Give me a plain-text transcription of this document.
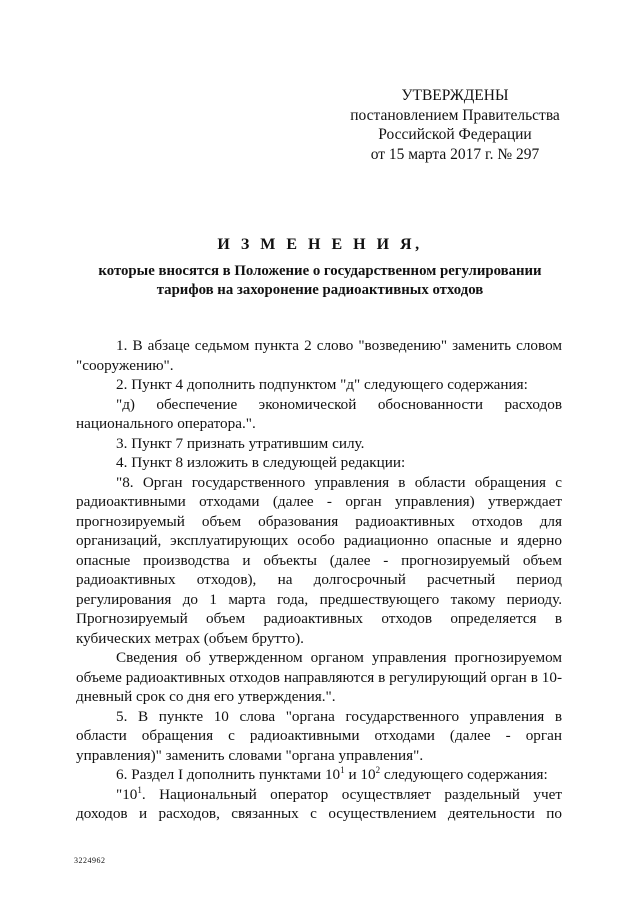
УТВЕРЖДЕНЫ
постановлением Правительства
Российской Федерации
от 15 марта 2017 г. № 297
И З М Е Н Е Н И Я,
которые вносятся в Положение о государственном регулировании
тарифов на захоронение радиоактивных отходов

1. В абзаце седьмом пункта 2 слово "возведению" заменить словом

"сооружению".

2. Пункт 4 дополнить подпунктом "д" следующего содержания:

"д) обеспечение экономической обоснованности расходов

национального оператора.".

3. Пункт 7 признать утратившим силу.

4. Пункт 8 изложить в следующей редакции:

"8. Орган государственного управления в области обращения с радиоактивными отходами (далее - орган управления) утверждает прогнозируемый объем образования радиоактивных отходов для организаций, эксплуатирующих особо радиационно опасные и ядерно опасные производства и объекты (далее - прогнозируемый объем радиоактивных отходов), на долгосрочный расчетный период регулирования до 1 марта года, предшествующего такому периоду. Прогнозируемый объем радиоактивных отходов определяется в кубических метрах (объем брутто).

Сведения об утвержденном органом управления прогнозируемом объеме радиоактивных отходов направляются в регулирующий орган в 10-дневный срок со дня его утверждения.".

5. В пункте 10 слова "органа государственного управления в области обращения с радиоактивными отходами (далее - орган управления)" заменить словами "органа управления".

6. Раздел I дополнить пунктами $10^1$ и $10^2$ следующего содержания:

"$10^1$. Национальный оператор осуществляет раздельный учет доходов и расходов, связанных с осуществлением деятельности по

3224962
